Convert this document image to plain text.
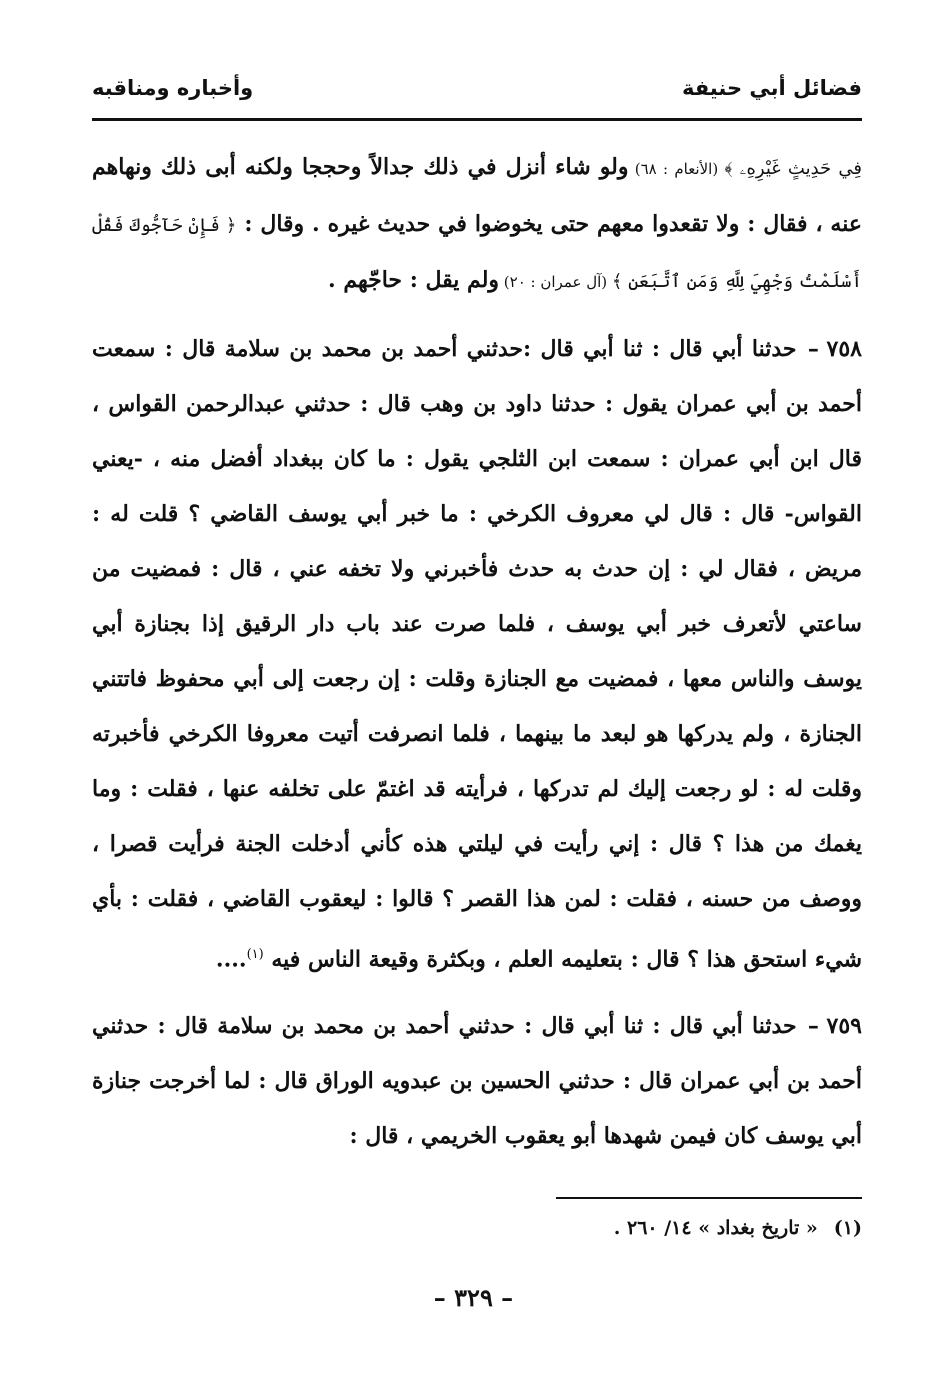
فضائل أبي حنيفة
وأخباره ومناقبه

فِي حَدِيثٍ غَيْرِهِۦ ﴾ (الأنعام : ٦٨) ولو شاء أنزل في ذلك جدالاً وحججا ولكنه أبى ذلك ونهاهم عنه ، فقال : ولا تقعدوا معهم حتى يخوضوا في حديث غيره . وقال : ﴿ فَإِنْ حَآجُّوكَ فَقُلْ أَسْلَمْتُ وَجْهِيَ لِلَّهِ وَمَنِ ٱتَّبَعَنِ ﴾ (آل عمران : ٢٠) ولم يقل : حاجّهم .

٧٥٨ – حدثنا أبي قال : ثنا أبي قال :حدثني أحمد بن محمد بن سلامة قال : سمعت أحمد بن أبي عمران يقول : حدثنا داود بن وهب قال : حدثني عبدالرحمن القواس ، قال ابن أبي عمران : سمعت ابن الثلجي يقول : ما كان ببغداد أفضل منه ، -يعني القواس- قال : قال لي معروف الكرخي : ما خبر أبي يوسف القاضي ؟ قلت له : مريض ، فقال لي : إن حدث به حدث فأخبرني ولا تخفه عني ، قال : فمضيت من ساعتي لأتعرف خبر أبي يوسف ، فلما صرت عند باب دار الرقيق إذا بجنازة أبي يوسف والناس معها ، فمضيت مع الجنازة وقلت : إن رجعت إلى أبي محفوظ فاتتني الجنازة ، ولم يدركها هو لبعد ما بينهما ، فلما انصرفت أتيت معروفا الكرخي فأخبرته وقلت له : لو رجعت إليك لم تدركها ، فرأيته قد اغتمّ على تخلفه عنها ، فقلت : وما يغمك من هذا ؟ قال : إني رأيت في ليلتي هذه كأني أدخلت الجنة فرأيت قصرا ، ووصف من حسنه ، فقلت : لمن هذا القصر ؟ قالوا : ليعقوب القاضي ، فقلت : بأي شيء استحق هذا ؟ قال : بتعليمه العلم ، وبكثرة وقيعة الناس فيه $^{(١)}$....

٧٥٩ – حدثنا أبي قال : ثنا أبي قال : حدثني أحمد بن محمد بن سلامة قال : حدثني أحمد بن أبي عمران قال : حدثني الحسين بن عبدويه الوراق قال : لما أخرجت جنازة أبي يوسف كان فيمن شهدها أبو يعقوب الخريمي ، قال :

(١)« تاريخ بغداد » ١٤/ ٢٦٠ .
– ٣٢٩ –
